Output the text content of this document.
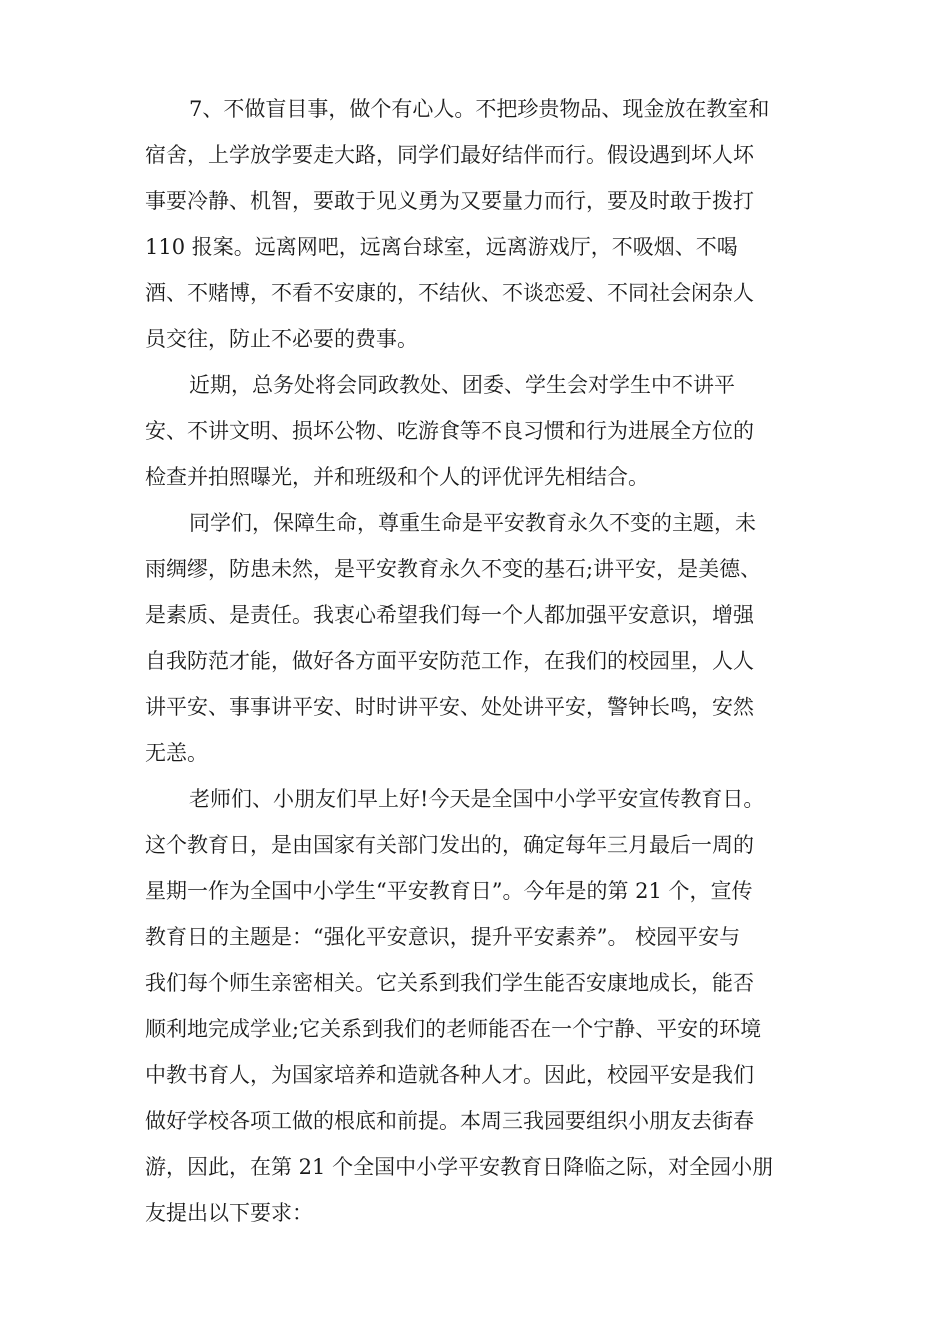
7、不做盲目事，做个有心人。不把珍贵物品、现金放在教室和
宿舍，上学放学要走大路，同学们最好结伴而行。假设遇到坏人坏
事要冷静、机智，要敢于见义勇为又要量力而行，要及时敢于拨打
110 报案。远离网吧，远离台球室，远离游戏厅，不吸烟、不喝
酒、不赌博，不看不安康的，不结伙、不谈恋爱、不同社会闲杂人
员交往，防止不必要的费事。
近期，总务处将会同政教处、团委、学生会对学生中不讲平
安、不讲文明、损坏公物、吃游食等不良习惯和行为进展全方位的
检查并拍照曝光，并和班级和个人的评优评先相结合。
同学们，保障生命，尊重生命是平安教育永久不变的主题，未
雨绸缪，防患未然，是平安教育永久不变的基石;讲平安，是美德、
是素质、是责任。我衷心希望我们每一个人都加强平安意识，增强
自我防范才能，做好各方面平安防范工作，在我们的校园里，人人
讲平安、事事讲平安、时时讲平安、处处讲平安，警钟长鸣，安然
无恙。
老师们、小朋友们早上好!今天是全国中小学平安宣传教育日。
这个教育日，是由国家有关部门发出的，确定每年三月最后一周的
星期一作为全国中小学生“平安教育日”。今年是的第 21 个，宣传
教育日的主题是：“强化平安意识，提升平安素养”。 校园平安与
我们每个师生亲密相关。它关系到我们学生能否安康地成长，能否
顺利地完成学业;它关系到我们的老师能否在一个宁静、平安的环境
中教书育人，为国家培养和造就各种人才。因此，校园平安是我们
做好学校各项工做的根底和前提。本周三我园要组织小朋友去街春
游，因此，在第 21 个全国中小学平安教育日降临之际，对全园小朋
友提出以下要求：
